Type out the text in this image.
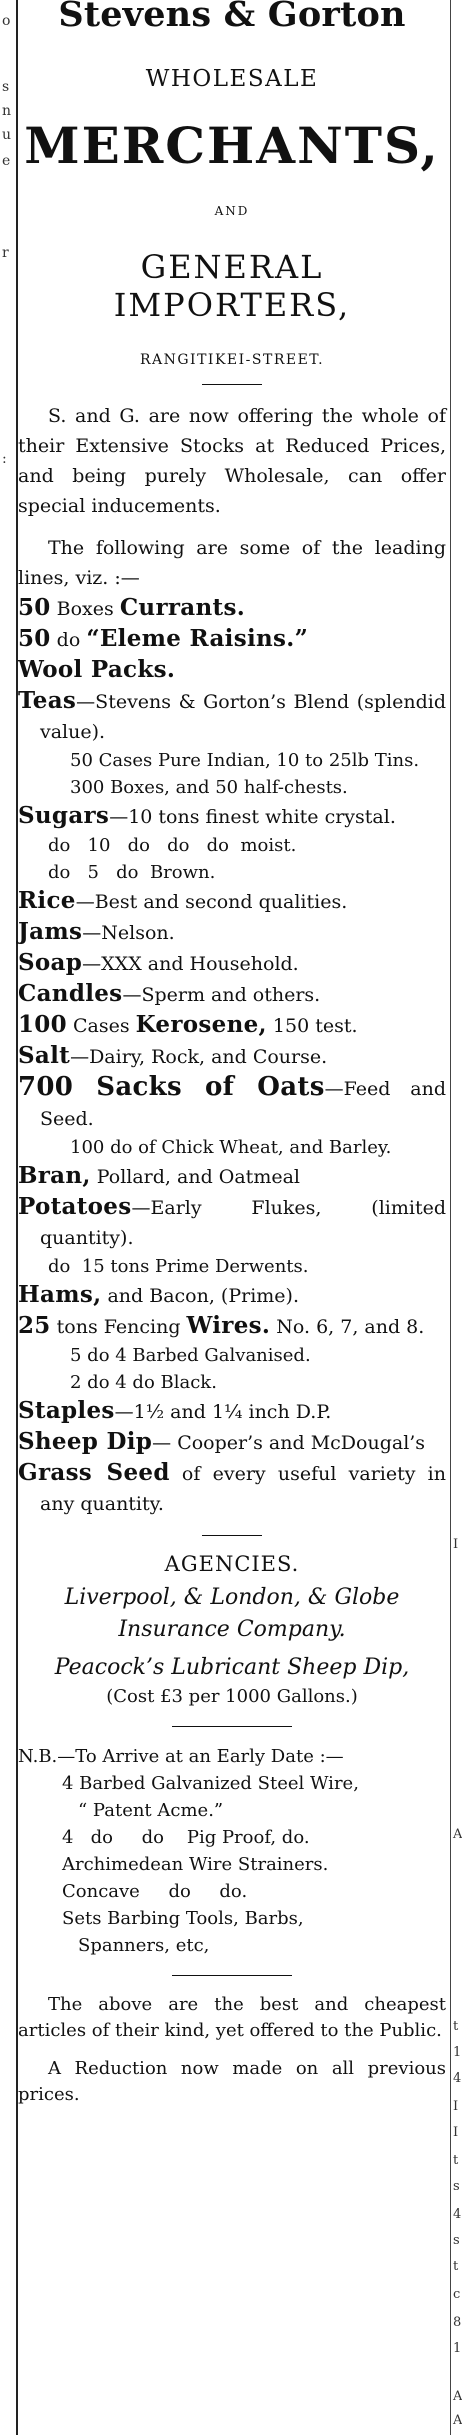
o
s
n
u
e
r
:
I
A
t
1
4
I
I
t
s
4
s
t
c
8
1
A
A
Stevens & Gorton
WHOLESALE
MERCHANTS,
AND
GENERAL IMPORTERS,
RANGITIKEI-STREET.

S. and G. are now offering the whole of their Extensive Stocks at Reduced Prices, and being purely Wholesale, can offer special inducements.

The following are some of the leading lines, viz. :—

50 Boxes Currants.
50 do “Eleme Raisins.”
Wool Packs.
Teas—Stevens & Gorton’s Blend (splendid value).
50 Cases Pure Indian, 10 to 25lb Tins.
300 Boxes, and 50 half-chests.
Sugars—10 tons finest white crystal.
do   10   do   do   do  moist.
do   5   do  Brown.
Rice—Best and second qualities.
Jams—Nelson.
Soap—XXX and Household.
Candles—Sperm and others.
100 Cases Kerosene, 150 test.
Salt—Dairy, Rock, and Course.
700 Sacks of Oats—Feed and Seed.
100 do of Chick Wheat, and Barley.
Bran, Pollard, and Oatmeal
Potatoes—Early Flukes, (limited quantity).
do  15 tons Prime Derwents.
Hams, and Bacon, (Prime).
25 tons Fencing Wires. No. 6, 7, and 8.
5 do 4 Barbed Galvanised.
2 do 4 do Black.
Staples—1½ and 1¼ inch D.P.
Sheep Dip— Cooper’s and McDougal’s
Grass Seed of every useful variety in any quantity.
AGENCIES.
Liverpool, & London, & Globe Insurance Company.
Peacock’s Lubricant Sheep Dip,
(Cost £3 per 1000 Gallons.)
N.B.—To Arrive at an Early Date :—
4 Barbed Galvanized Steel Wire,
“ Patent Acme.”
4   do     do    Pig Proof, do.
Archimedean Wire Strainers.
Concave     do     do.
Sets Barbing Tools, Barbs,
Spanners, etc,

The above are the best and cheapest articles of their kind, yet offered to the Public.

A Reduction now made on all previous prices.
